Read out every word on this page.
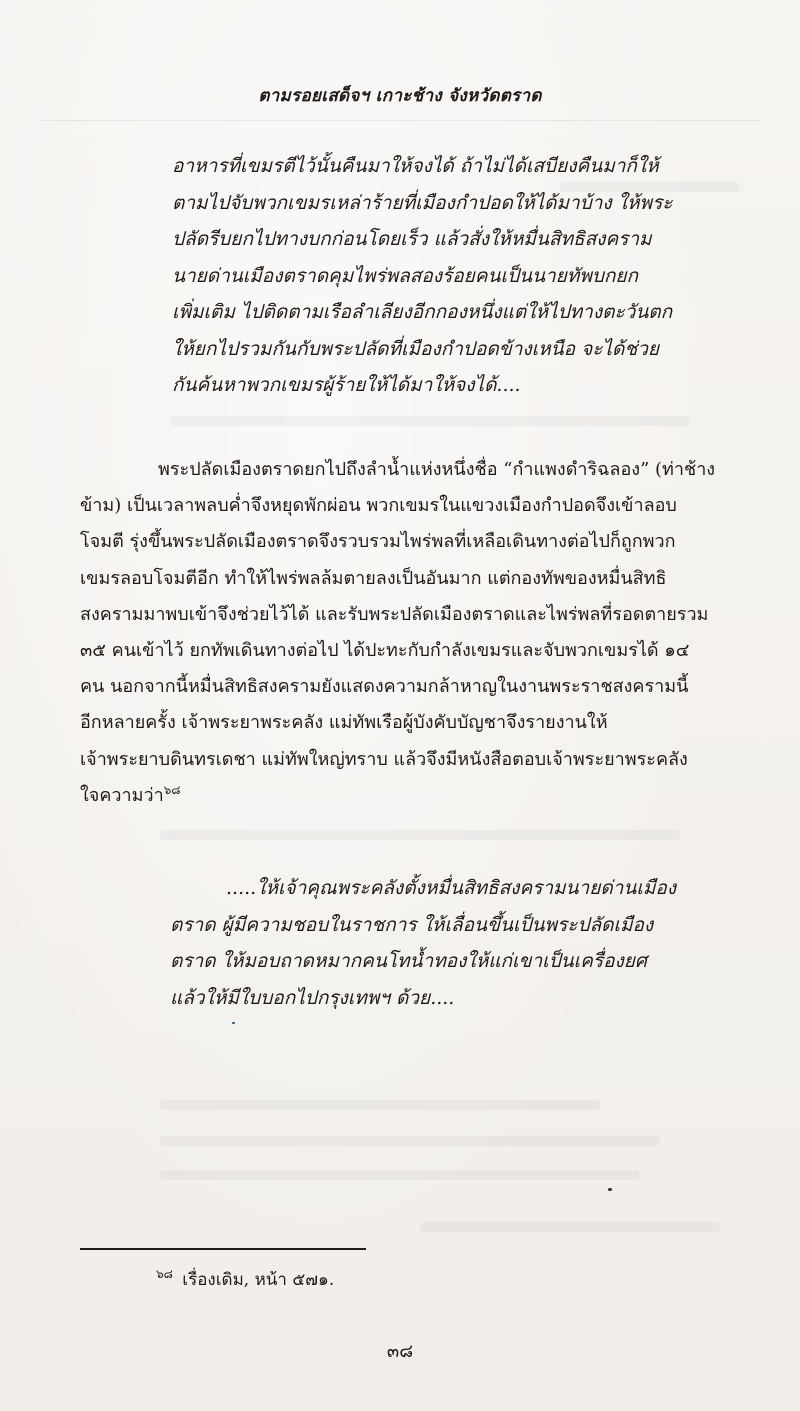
ตามรอยเสด็จฯ เกาะช้าง จังหวัดตราด
อาหารที่เขมรตีไว้นั้นคืนมาให้จงได้ ถ้าไม่ได้เสบียงคืนมาก็ให้
ตามไปจับพวกเขมรเหล่าร้ายที่เมืองกำปอดให้ได้มาบ้าง ให้พระ
ปลัดรีบยกไปทางบกก่อนโดยเร็ว แล้วสั่งให้หมื่นสิทธิสงคราม
นายด่านเมืองตราดคุมไพร่พลสองร้อยคนเป็นนายทัพบกยก
เพิ่มเติม ไปติดตามเรือลำเลียงอีกกองหนึ่งแต่ให้ไปทางตะวันตก
ให้ยกไปรวมกันกับพระปลัดที่เมืองกำปอดข้างเหนือ จะได้ช่วย
กันค้นหาพวกเขมรผู้ร้ายให้ได้มาให้จงได้....
พระปลัดเมืองตราดยกไปถึงลำน้ำแห่งหนึ่งชื่อ “กำแพงดำริฉลอง” (ท่าช้าง
ข้าม) เป็นเวลาพลบค่ำจึงหยุดพักผ่อน พวกเขมรในแขวงเมืองกำปอดจึงเข้าลอบ
โจมตี รุ่งขึ้นพระปลัดเมืองตราดจึงรวบรวมไพร่พลที่เหลือเดินทางต่อไปก็ถูกพวก
เขมรลอบโจมตีอีก ทำให้ไพร่พลล้มตายลงเป็นอันมาก แต่กองทัพของหมื่นสิทธิ
สงครามมาพบเข้าจึงช่วยไว้ได้ และรับพระปลัดเมืองตราดและไพร่พลที่รอดตายรวม
๓๕ คนเข้าไว้ ยกทัพเดินทางต่อไป ได้ปะทะกับกำลังเขมรและจับพวกเขมรได้ ๑๔
คน นอกจากนี้หมื่นสิทธิสงครามยังแสดงความกล้าหาญในงานพระราชสงครามนี้
อีกหลายครั้ง เจ้าพระยาพระคลัง แม่ทัพเรือผู้บังคับบัญชาจึงรายงานให้
เจ้าพระยาบดินทรเดชา แม่ทัพใหญ่ทราบ แล้วจึงมีหนังสือตอบเจ้าพระยาพระคลัง
ใจความว่า$^{๖๘}$
.....ให้เจ้าคุณพระคลังตั้งหมื่นสิทธิสงครามนายด่านเมือง
ตราด ผู้มีความชอบในราชการ ให้เลื่อนขึ้นเป็นพระปลัดเมือง
ตราด ให้มอบถาดหมากคนโทน้ำทองให้แก่เขาเป็นเครื่องยศ
แล้วให้มีใบบอกไปกรุงเทพฯ ด้วย....
$^{๖๘}$ เรื่องเดิม, หน้า ๕๗๑.
๓๘
